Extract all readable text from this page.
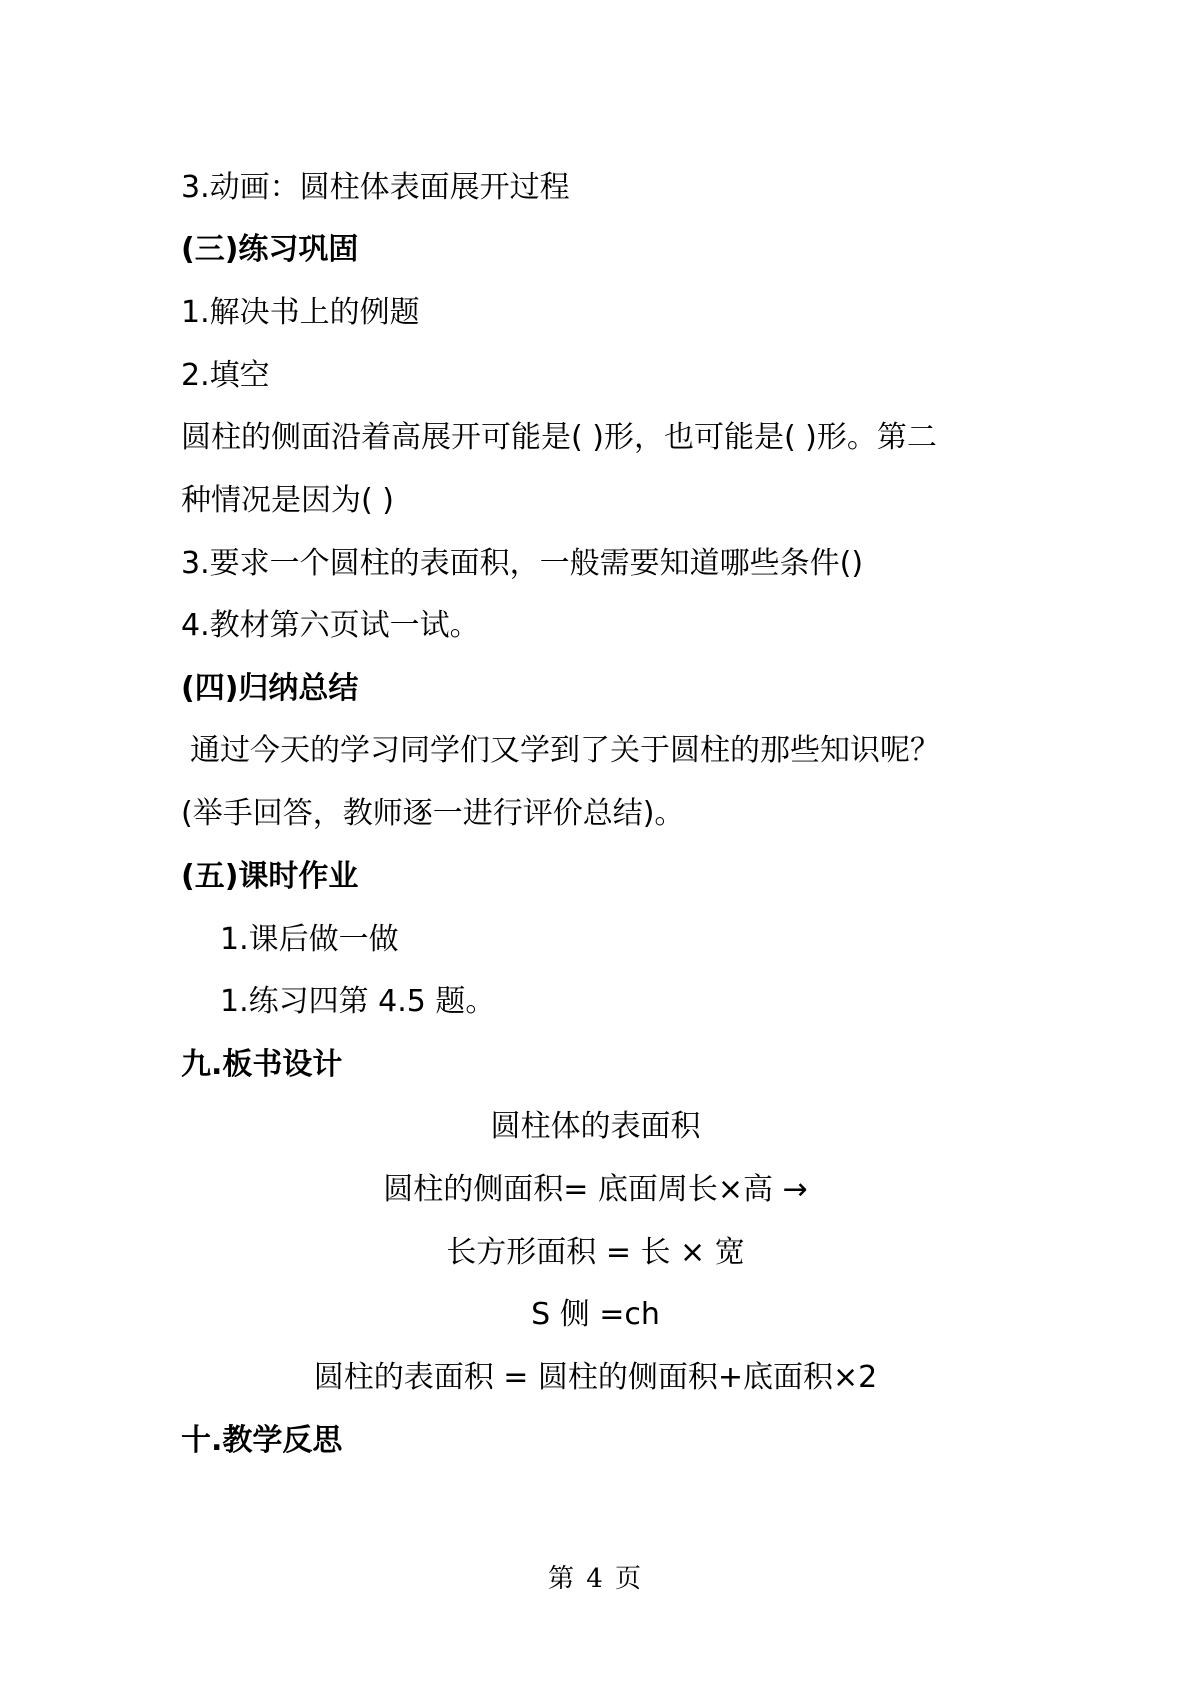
3.动画：圆柱体表面展开过程
(三)练习巩固
1.解决书上的例题
2.填空
圆柱的侧面沿着高展开可能是( )形，也可能是( )形。第二
种情况是因为( )
3.要求一个圆柱的表面积，一般需要知道哪些条件()
4.教材第六页试一试。
(四)归纳总结
通过今天的学习同学们又学到了关于圆柱的那些知识呢？
(举手回答，教师逐一进行评价总结)。
(五)课时作业
1.课后做一做
1.练习四第 4.5 题。
九.板书设计
圆柱体的表面积
圆柱的侧面积= 底面周长×高 →
长方形面积 = 长 × 宽
S 侧 =ch
圆柱的表面积 = 圆柱的侧面积+底面积×2
十.教学反思
第 4 页
